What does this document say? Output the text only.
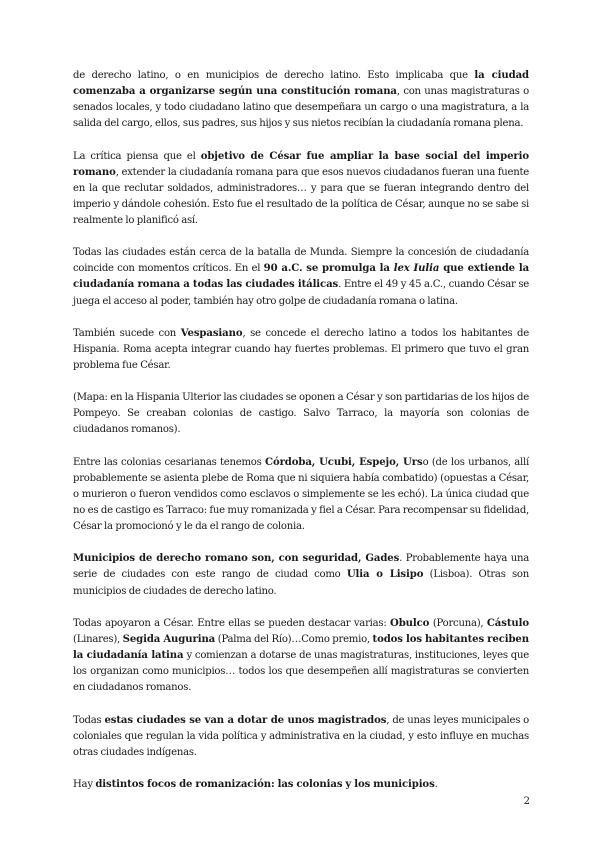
de derecho latino, o en municipios de derecho latino. Esto implicaba que la ciudad comenzaba a organizarse según una constitución romana, con unas magistraturas o senados locales, y todo ciudadano latino que desempeñara un cargo o una magistratura, a la salida del cargo, ellos, sus padres, sus hijos y sus nietos recibían la ciudadanía romana plena.

La crítica piensa que el objetivo de César fue ampliar la base social del imperio romano, extender la ciudadanía romana para que esos nuevos ciudadanos fueran una fuente en la que reclutar soldados, administradores… y para que se fueran integrando dentro del imperio y dándole cohesión. Esto fue el resultado de la política de César, aunque no se sabe si realmente lo planificó así.

Todas las ciudades están cerca de la batalla de Munda. Siempre la concesión de ciudadanía coincide con momentos críticos. En el 90 a.C. se promulga la lex Iulia que extiende la ciudadanía romana a todas las ciudades itálicas. Entre el 49 y 45 a.C., cuando César se juega el acceso al poder, también hay otro golpe de ciudadanía romana o latina.

También sucede con Vespasiano, se concede el derecho latino a todos los habitantes de Hispania. Roma acepta integrar cuando hay fuertes problemas. El primero que tuvo el gran problema fue César.

(Mapa: en la Hispania Ulterior las ciudades se oponen a César y son partidarias de los hijos de Pompeyo. Se creaban colonias de castigo. Salvo Tarraco, la mayoría son colonias de ciudadanos romanos).

Entre las colonias cesarianas tenemos Córdoba, Ucubi, Espejo, Urso (de los urbanos, allí probablemente se asienta plebe de Roma que ni siquiera había combatido) (opuestas a César, o murieron o fueron vendidos como esclavos o simplemente se les echó). La única ciudad que no es de castigo es Tarraco: fue muy romanizada y fiel a César. Para recompensar su fidelidad, César la promocionó y le da el rango de colonia.

Municipios de derecho romano son, con seguridad, Gades. Probablemente haya una serie de ciudades con este rango de ciudad como Ulia o Lisipo (Lisboa). Otras son municipios de ciudades de derecho latino.

Todas apoyaron a César. Entre ellas se pueden destacar varias: Obulco (Porcuna), Cástulo (Linares), Segida Augurina (Palma del Río)…Como premio, todos los habitantes reciben la ciudadanía latina y comienzan a dotarse de unas magistraturas, instituciones, leyes que los organizan como municipios… todos los que desempeñen allí magistraturas se convierten en ciudadanos romanos.

Todas estas ciudades se van a dotar de unos magistrados, de unas leyes municipales o coloniales que regulan la vida política y administrativa en la ciudad, y esto influye en muchas otras ciudades indígenas.

Hay distintos focos de romanización: las colonias y los municipios.

2
